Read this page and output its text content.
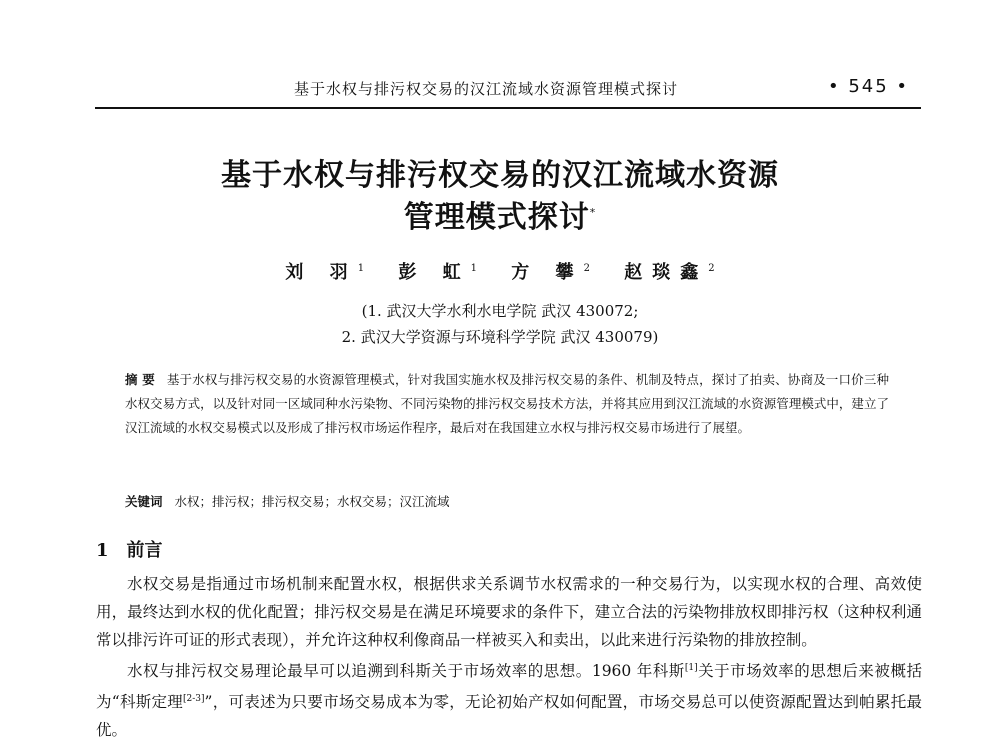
基于水权与排污权交易的汉江流域水资源管理模式探讨	• 545 •
基于水权与排污权交易的汉江流域水资源
管理模式探讨*
刘 羽$^1$ 彭 虹$^1$ 方 攀$^2$ 赵琰鑫$^2$
(1. 武汉大学水利水电学院 武汉 430072;
2. 武汉大学资源与环境科学学院 武汉 430079)
摘 要 基于水权与排污权交易的水资源管理模式，针对我国实施水权及排污权交易的条件、机制及特点，探讨了拍卖、协商及一口价三种水权交易方式，以及针对同一区域同种水污染物、不同污染物的排污权交易技术方法，并将其应用到汉江流域的水资源管理模式中，建立了汉江流域的水权交易模式以及形成了排污权市场运作程序，最后对在我国建立水权与排污权交易市场进行了展望。
关键词 水权；排污权；排污权交易；水权交易；汉江流域
1 前言

水权交易是指通过市场机制来配置水权，根据供求关系调节水权需求的一种交易行为，以实现水权的合理、高效使用，最终达到水权的优化配置；排污权交易是在满足环境要求的条件下，建立合法的污染物排放权即排污权（这种权利通常以排污许可证的形式表现），并允许这种权利像商品一样被买入和卖出，以此来进行污染物的排放控制。

水权与排污权交易理论最早可以追溯到科斯关于市场效率的思想。1960 年科斯[1]关于市场效率的思想后来被概括为“科斯定理[2-3]”，可表述为只要市场交易成本为零，无论初始产权如何配置，市场交易总可以使资源配置达到帕累托最优。
